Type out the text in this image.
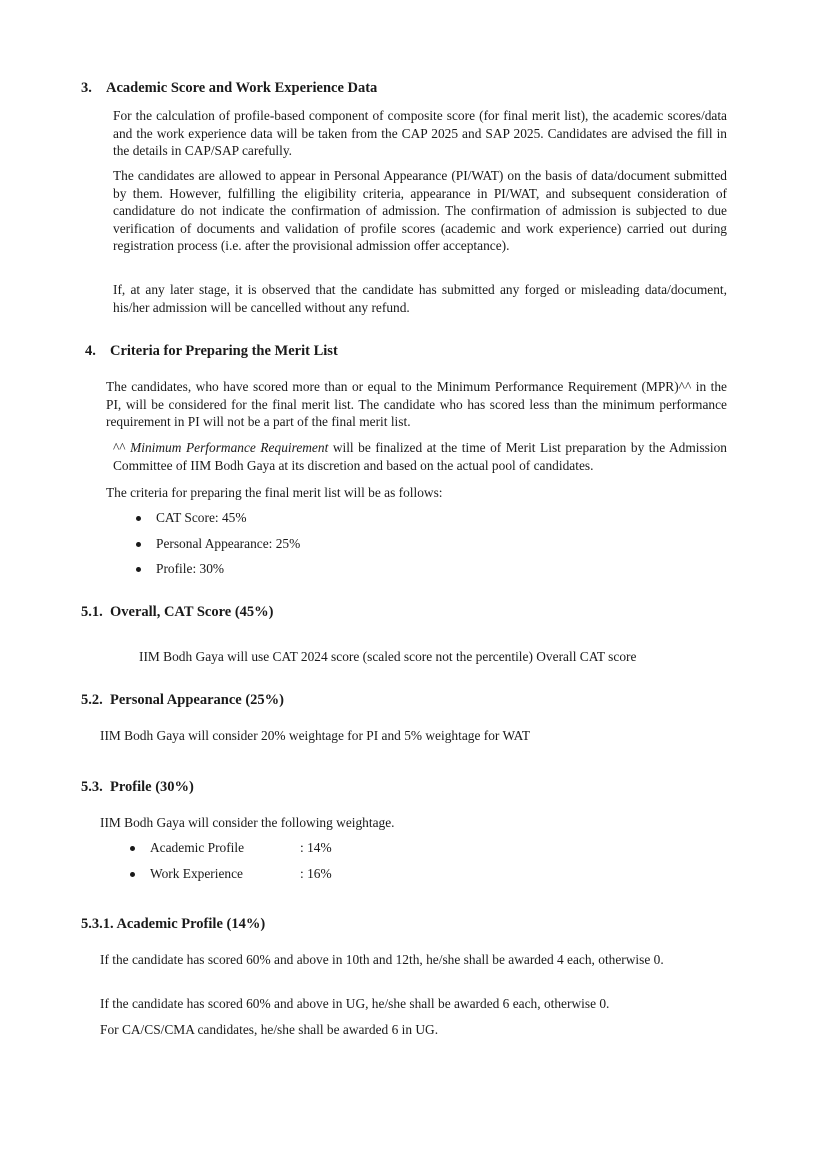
3. Academic Score and Work Experience Data
For the calculation of profile-based component of composite score (for final merit list), the academic scores/data and the work experience data will be taken from the CAP 2025 and SAP 2025. Candidates are advised the fill in the details in CAP/SAP carefully.
The candidates are allowed to appear in Personal Appearance (PI/WAT) on the basis of data/document submitted by them. However, fulfilling the eligibility criteria, appearance in PI/WAT, and subsequent consideration of candidature do not indicate the confirmation of admission. The confirmation of admission is subjected to due verification of documents and validation of profile scores (academic and work experience) carried out during registration process (i.e. after the provisional admission offer acceptance).
If, at any later stage, it is observed that the candidate has submitted any forged or misleading data/document, his/her admission will be cancelled without any refund.
4. Criteria for Preparing the Merit List
The candidates, who have scored more than or equal to the Minimum Performance Requirement (MPR)^^ in the PI, will be considered for the final merit list. The candidate who has scored less than the minimum performance requirement in PI will not be a part of the final merit list.
^^ Minimum Performance Requirement will be finalized at the time of Merit List preparation by the Admission Committee of IIM Bodh Gaya at its discretion and based on the actual pool of candidates.
The criteria for preparing the final merit list will be as follows:
CAT Score: 45%
Personal Appearance: 25%
Profile: 30%
5.1.  Overall, CAT Score (45%)
IIM Bodh Gaya will use CAT 2024 score (scaled score not the percentile) Overall CAT score
5.2.  Personal Appearance (25%)
IIM Bodh Gaya will consider 20% weightage for PI and 5% weightage for WAT
5.3.  Profile (30%)
IIM Bodh Gaya will consider the following weightage.
Academic Profile	: 14%
Work Experience	: 16%
5.3.1. Academic Profile (14%)
If the candidate has scored 60% and above in 10th and 12th, he/she shall be awarded 4 each, otherwise 0.
If the candidate has scored 60% and above in UG, he/she shall be awarded 6 each, otherwise 0.
For CA/CS/CMA candidates, he/she shall be awarded 6 in UG.
